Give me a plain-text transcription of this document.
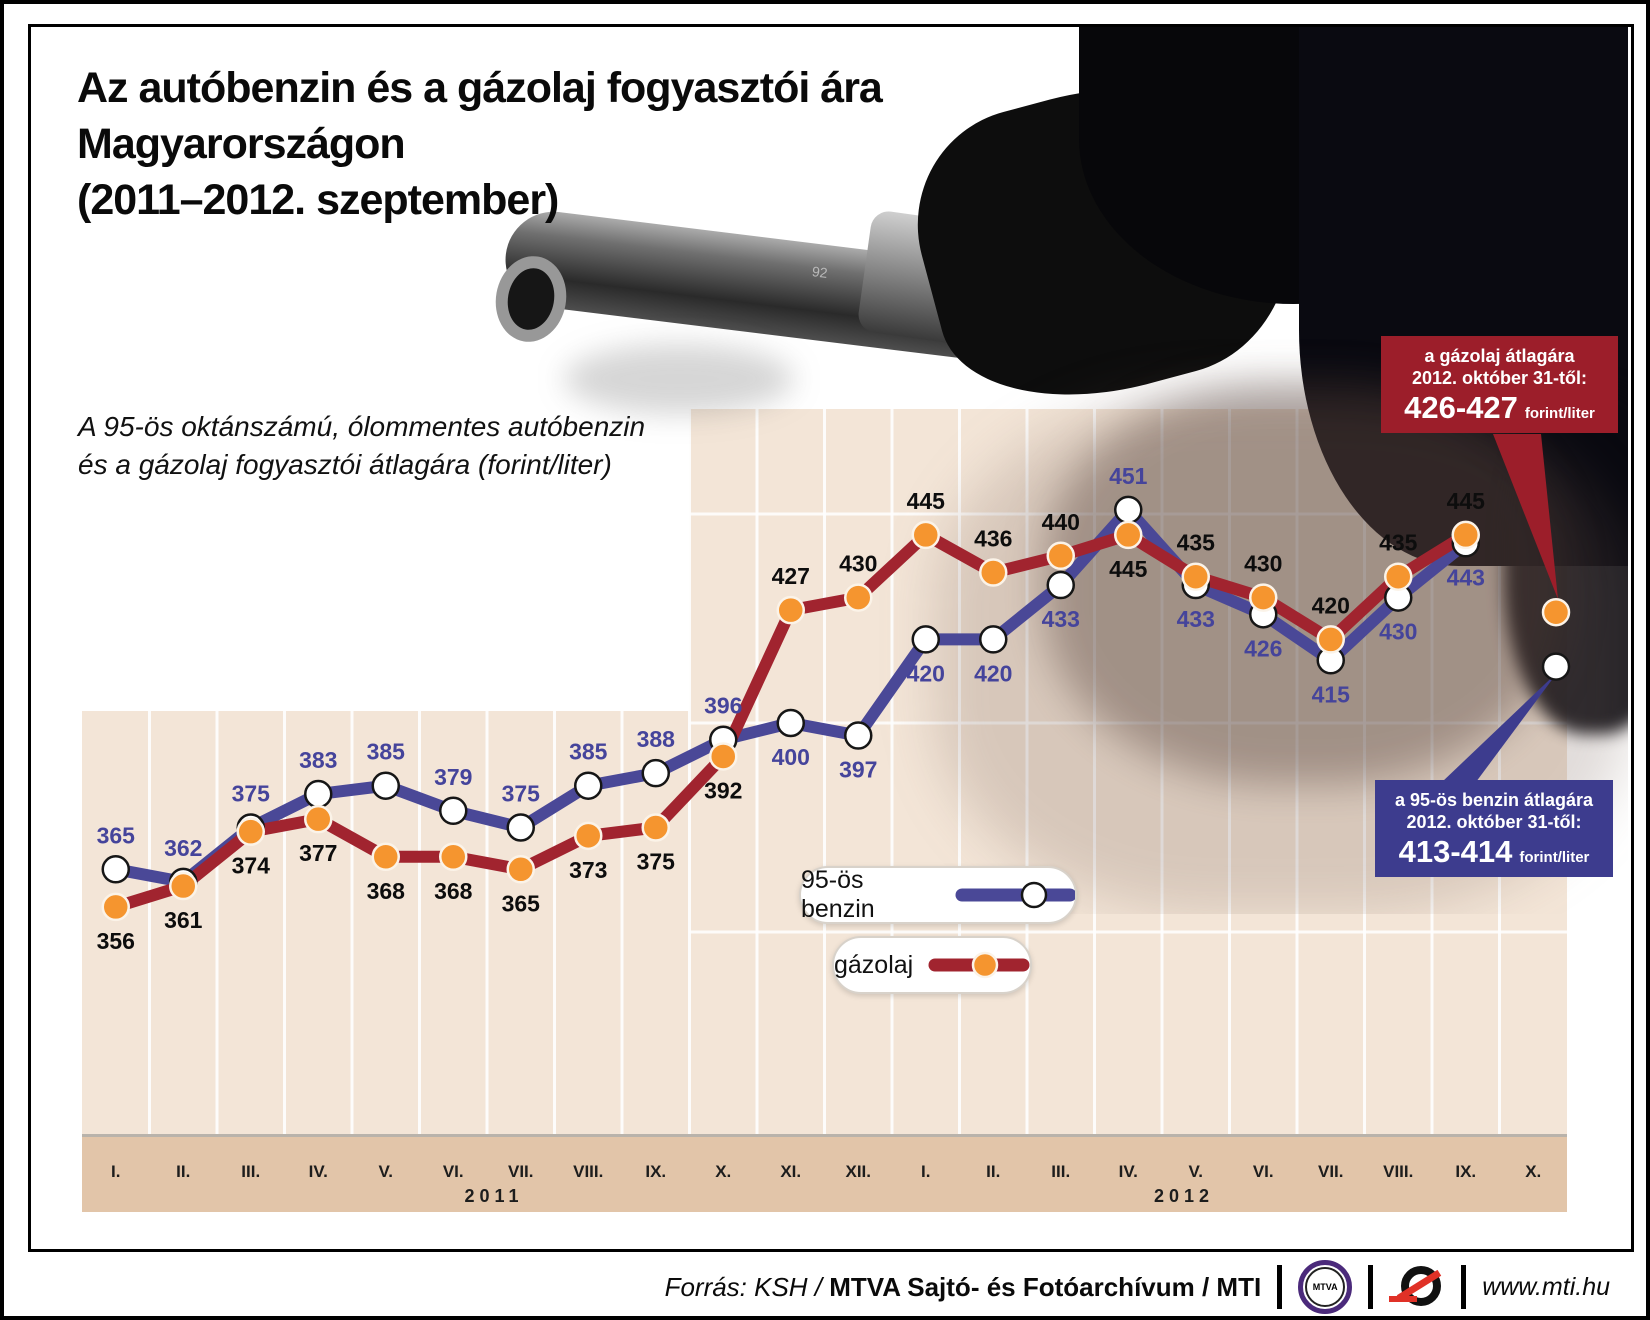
I.	II.	III.	IV.	V.	VI.	VII. VIII. IX.	X.	XI.	XII.	I.	II.	III.	IV.	V.	VI.	VII. VIII. IX.	X.
2011	2012
92
365 362
375
383 385
379
375
385 388
396
400 397
420 420
433
451
433
426
415
430
443
356
361
374 377
368 368 365
373 375
392
427 430
445
436
440
445
435
430
420
435
445
Az autóbenzin és a gázolaj fogyasztói ára
Magyarországon
(2011–2012. szeptember)
A 95-ös oktánszámú, ólommentes autóbenzin
és a gázolaj fogyasztói átlagára (forint/liter)
95-ös benzin
gázolaj
a gázolaj átlagára
2012. október 31-től:
426-427 forint/liter
a 95-ös benzin átlagára
2012. október 31-től:
413-414 forint/liter
Forrás: KSH / MTVA Sajtó- és Fotóarchívum / MTI	MTVA	www.mti.hu
